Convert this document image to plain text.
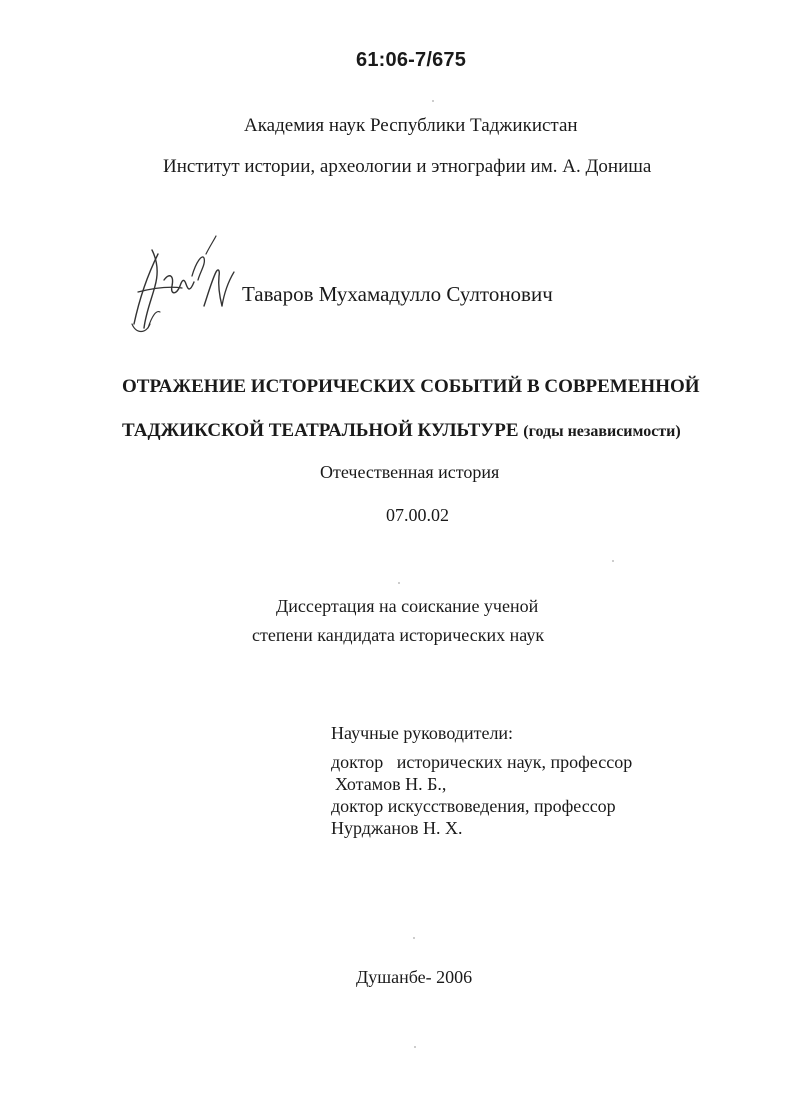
61:06-7/675
Академия наук Республики Таджикистан
Институт истории, археологии и этнографии им. А. Дониша
Таваров Мухамадулло Султонович
ОТРАЖЕНИЕ ИСТОРИЧЕСКИХ СОБЫТИЙ В СОВРЕМЕННОЙ
ТАДЖИКСКОЙ ТЕАТРАЛЬНОЙ КУЛЬТУРЕ (годы независимости)
Отечественная история
07.00.02
Диссертация на соискание ученой
степени кандидата исторических наук
Научные руководители:
доктор   исторических наук, профессор
Хотамов Н. Б.,
доктор искусствоведения, профессор
Нурджанов Н. Х.
Душанбе- 2006
